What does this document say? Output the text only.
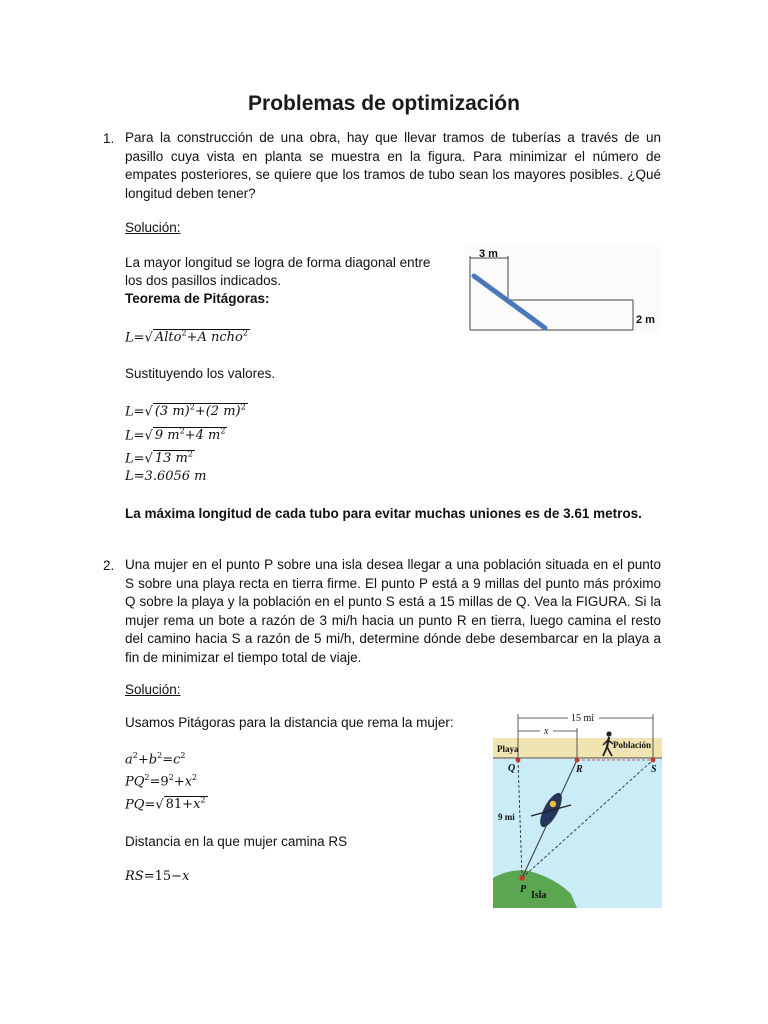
Problemas de optimización
1. Para la construcción de una obra, hay que llevar tramos de tuberías a través de un pasillo cuya vista en planta se muestra en la figura. Para minimizar el número de empates posteriores, se quiere que los tramos de tubo sean los mayores posibles. ¿Qué longitud deben tener?
Solución:
La mayor longitud se logra de forma diagonal entre
los dos pasillos indicados.
Teorema de Pitágoras:
L=√ Alto$^2$+A ncho$^2$
Sustituyendo los valores.
L=√ (3 m)$^2$+(2 m)$^2$
L=√ 9 $m^2+4$ $m^2$
L=√ 13 $m^2$
L=3.6056 m
La máxima longitud de cada tubo para evitar muchas uniones es de 3.61 metros.
3 m
2 m
2. Una mujer en el punto P sobre una isla desea llegar a una población situada en el punto S sobre una playa recta en tierra firme. El punto P está a 9 millas del punto más próximo Q sobre la playa y la población en el punto S está a 15 millas de Q. Vea la FIGURA. Si la mujer rema un bote a razón de 3 mi/h hacia un punto R en tierra, luego camina el resto del camino hacia S a razón de 5 mi/h, determine dónde debe desembarcar en la playa a fin de minimizar el tiempo total de viaje.
Solución:
Usamos Pitágoras para la distancia que rema la mujer:
$a^2+b^2=c^2$
$PQ^2=9^2+x^2$
PQ=√ $81+x^2$
Distancia en la que mujer camina RS
RS=15−x
15 mi
x
Playa	Población
Q	R	S
P
9 mi
Isla
